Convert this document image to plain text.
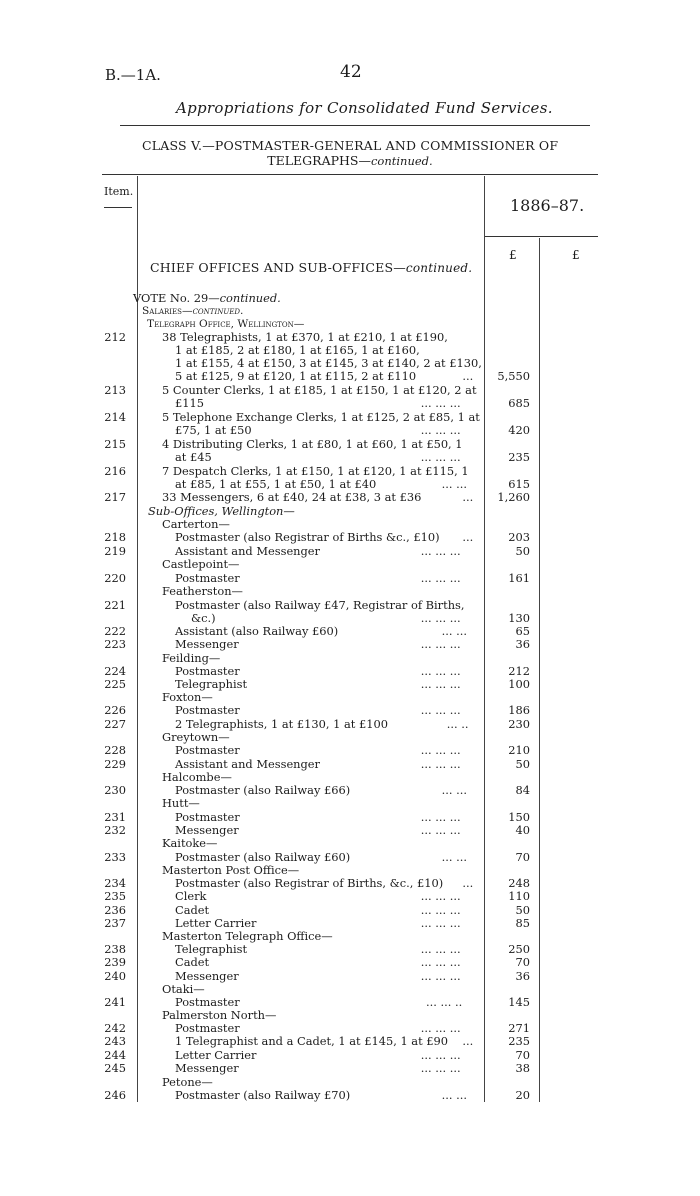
B.—1A.	42
Appropriations for Consolidated Fund Services.
CLASS V.—POSTMASTER-GENERAL AND COMMISSIONER OF
TELEGRAPHS—continued.
Item.
1886–87.
£	£
CHIEF OFFICES AND SUB-OFFICES—continued.
VOTE No. 29—continued.
Salaries—continued.
Telegraph Office, Wellington—
212	38 Telegraphists, 1 at £370, 1 at £210, 1 at £190,
1 at £185, 2 at £180, 1 at £165, 1 at £160,
1 at £155, 4 at £150, 3 at £145, 3 at £140, 2 at £130,
5 at £125, 9 at £120, 1 at £115, 2 at £110	...	5,550
213	5 Counter Clerks, 1 at £185, 1 at £150, 1 at £120, 2 at
£115	... ... ...	685
214	5 Telephone Exchange Clerks, 1 at £125, 2 at £85, 1 at
£75, 1 at £50	... ... ...	420
215	4 Distributing Clerks, 1 at £80, 1 at £60, 1 at £50, 1
at £45	... ... ...	235
216	7 Despatch Clerks, 1 at £150, 1 at £120, 1 at £115, 1
at £85, 1 at £55, 1 at £50, 1 at £40	... ...	615
217	33 Messengers, 6 at £40, 24 at £38, 3 at £36	...	1,260
Sub-Offices, Wellington—
Carterton—
218	Postmaster (also Registrar of Births &c., £10) ...	203
219	Assistant and Messenger	... ... ...	50
Castlepoint—
220	Postmaster	... ... ...	161
Featherston—
221	Postmaster (also Railway £47, Registrar of Births,
&c.)	... ... ...	130
222	Assistant (also Railway £60)	... ...	65
223	Messenger	... ... ...	36
Feilding—
224	Postmaster	... ... ...	212
225	Telegraphist	... ... ...	100
Foxton—
226	Postmaster	... ... ...	186
227	2 Telegraphists, 1 at £130, 1 at £100	... ..	230
Greytown—
228	Postmaster	... ... ...	210
229	Assistant and Messenger	... ... ...	50
Halcombe—
230	Postmaster (also Railway £66)	... ...	84
Hutt—
231	Postmaster	... ... ...	150
232	Messenger	... ... ...	40
Kaitoke—
233	Postmaster (also Railway £60)	... ...	70
Masterton Post Office—
234	Postmaster (also Registrar of Births, &c., £10) ...	248
235	Clerk	... ... ...	110
236	Cadet	... ... ...	50
237	Letter Carrier	... ... ...	85
Masterton Telegraph Office—
238	Telegraphist	... ... ...	250
239	Cadet	... ... ...	70
240	Messenger	... ... ...	36
Otaki—
241	Postmaster	... ... ..	145
Palmerston North—
242	Postmaster	... ... ...	271
243	1 Telegraphist and a Cadet, 1 at £145, 1 at £90 ...	235
244	Letter Carrier	... ... ...	70
245	Messenger	... ... ...	38
Petone—
246	Postmaster (also Railway £70)	... ...	20
